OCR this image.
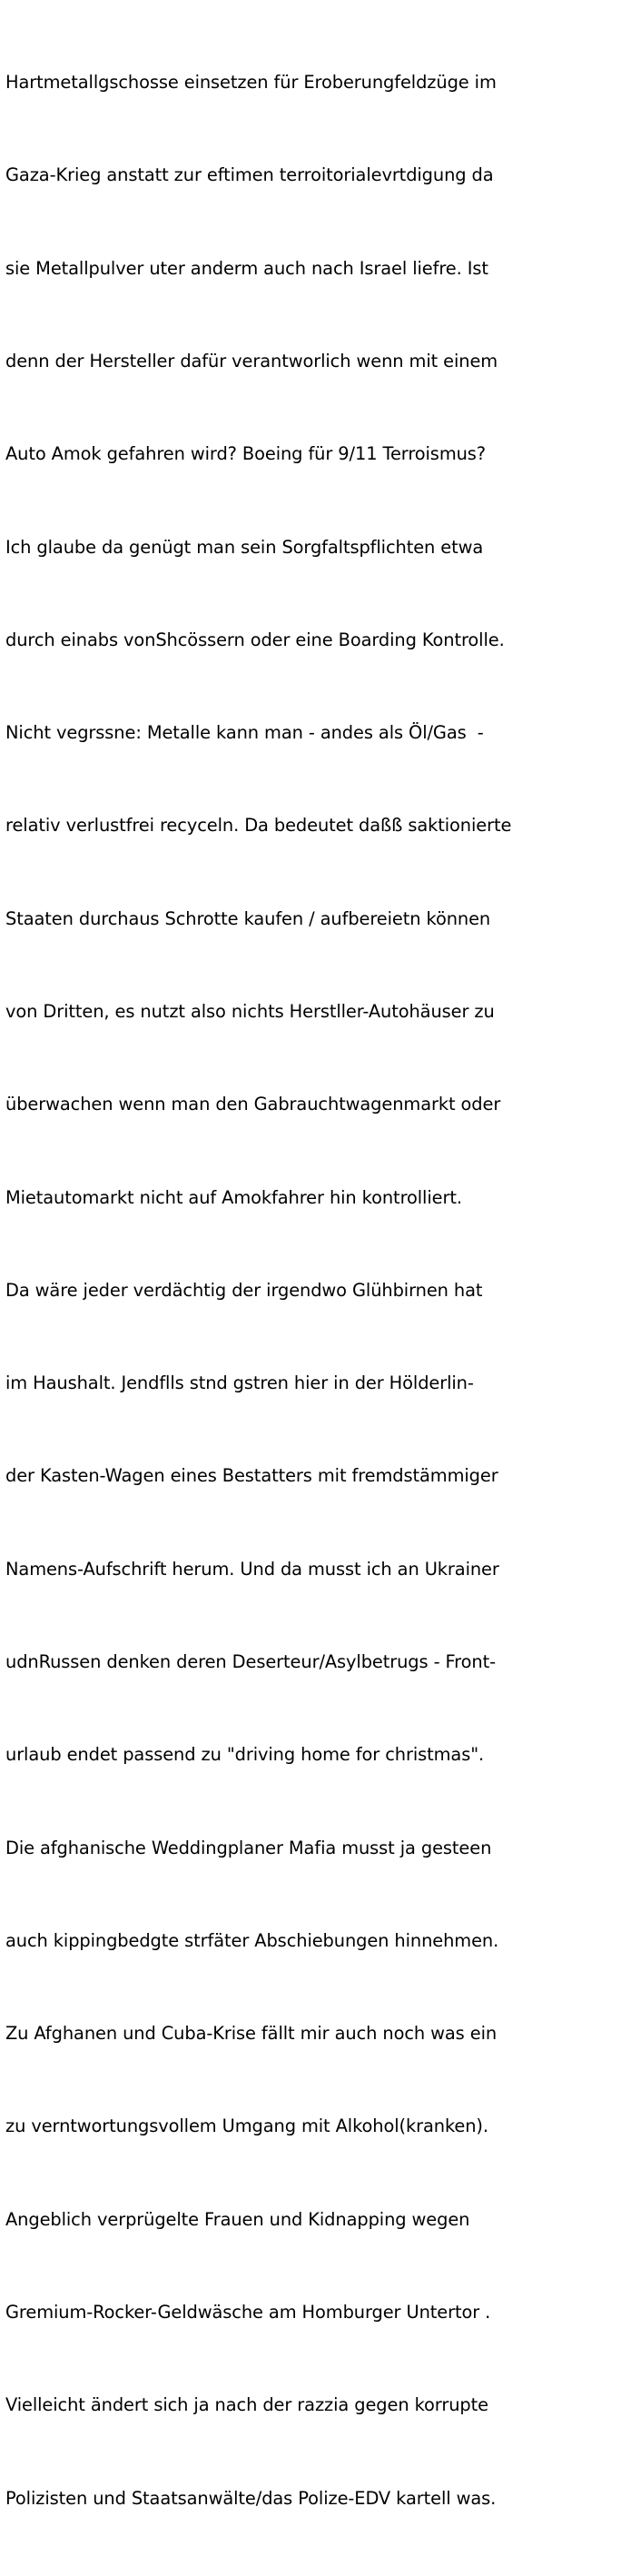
Hartmetallgschosse einsetzen für Eroberungfeldzüge im

Gaza-Krieg anstatt zur eftimen terroitorialevrtdigung da

sie Metallpulver uter anderm auch nach Israel liefre. Ist

denn der Hersteller dafür verantworlich wenn mit einem

Auto Amok gefahren wird? Boeing für 9/11 Terroismus?

Ich glaube da genügt man sein Sorgfaltspflichten etwa

durch einabs vonShcössern oder eine Boarding Kontrolle.

Nicht vegrssne: Metalle kann man - andes als Öl/Gas  -

relativ verlustfrei recyceln. Da bedeutet daßß saktionierte

Staaten durchaus Schrotte kaufen / aufbereietn können

von Dritten, es nutzt also nichts Herstller-Autohäuser zu

überwachen wenn man den Gabrauchtwagenmarkt oder

Mietautomarkt nicht auf Amokfahrer hin kontrolliert.

Da wäre jeder verdächtig der irgendwo Glühbirnen hat

im Haushalt. Jendflls stnd gstren hier in der Hölderlin-

der Kasten-Wagen eines Bestatters mit fremdstämmiger

Namens-Aufschrift herum. Und da musst ich an Ukrainer

udnRussen denken deren Deserteur/Asylbetrugs - Front-

urlaub endet passend zu "driving home for christmas".

Die afghanische Weddingplaner Mafia musst ja gesteen

auch kippingbedgte strfäter Abschiebungen hinnehmen.

Zu Afghanen und Cuba-Krise fällt mir auch noch was ein

zu verntwortungsvollem Umgang mit Alkohol(kranken).

Angeblich verprügelte Frauen und Kidnapping wegen

Gremium-Rocker-Geldwäsche am Homburger Untertor .

Vielleicht ändert sich ja nach der razzia gegen korrupte

Polizisten und Staatsanwälte/das Polize-EDV kartell was.
